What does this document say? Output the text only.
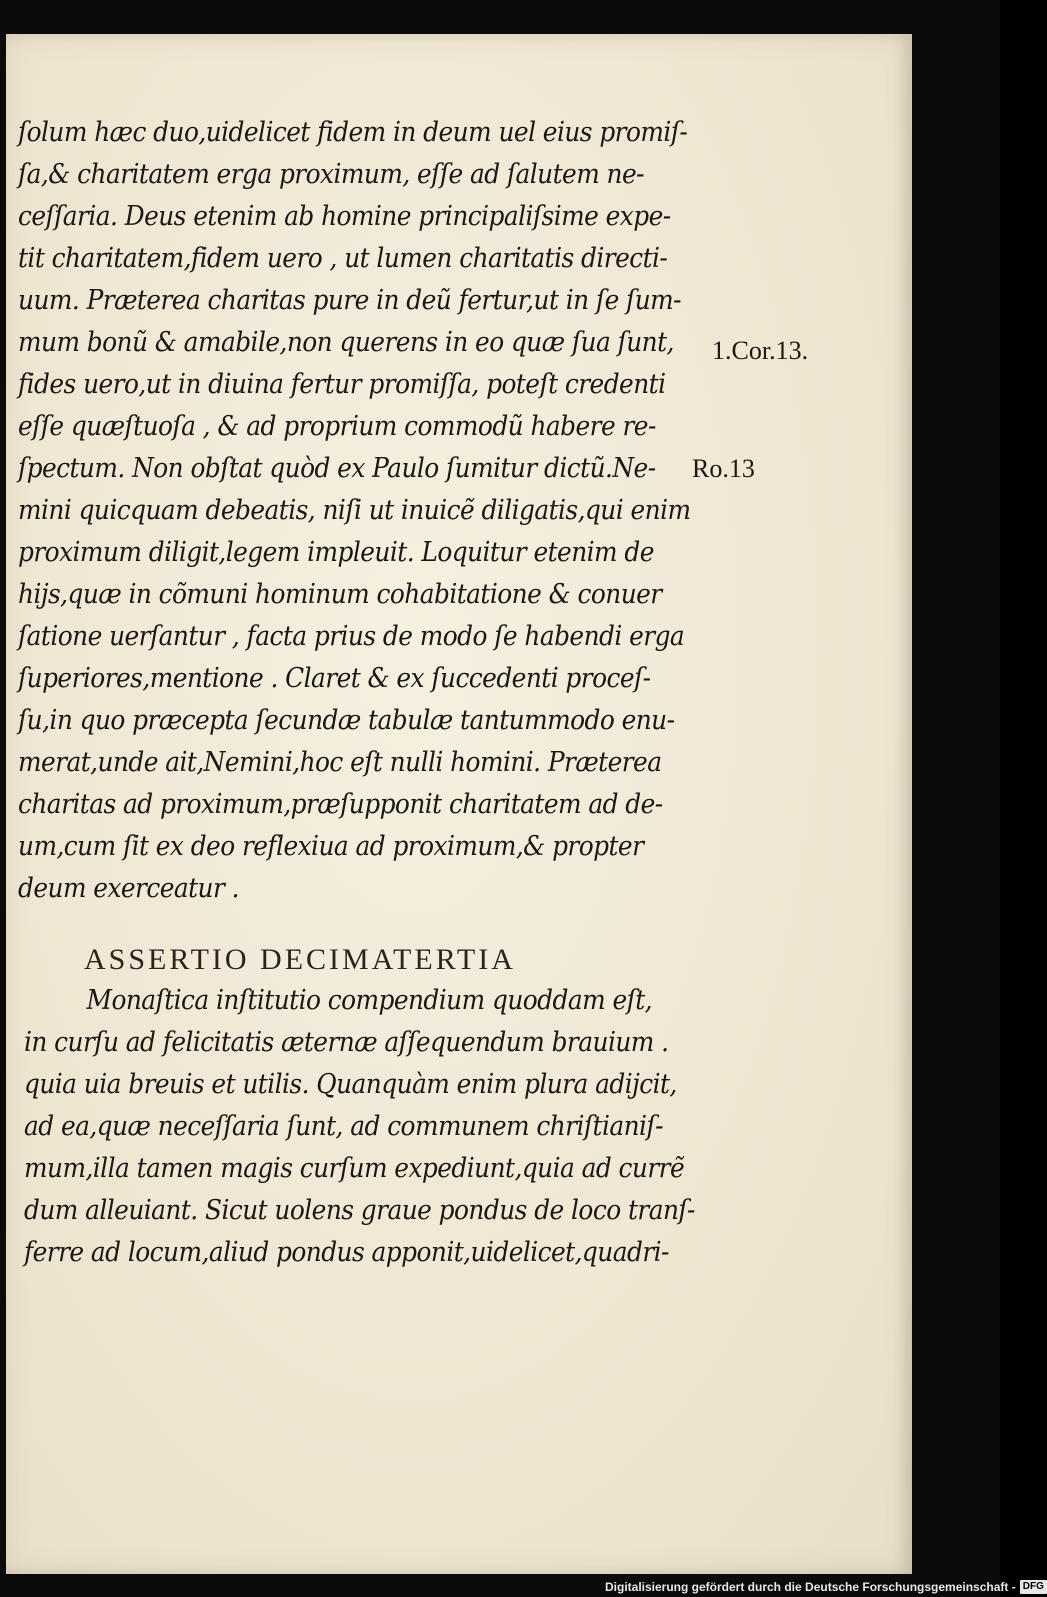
ſolum hæc duo,uidelicet fidem in deum uel eius promiſ-
ſa,& charitatem erga proximum, eſſe ad ſalutem ne-
ceſſaria. Deus etenim ab homine principaliſsime expe-
tit charitatem,fidem uero , ut lumen charitatis directi-
uum. Præterea charitas pure in deũ fertur,ut in ſe ſum-
mum bonũ & amabile,non querens in eo quæ ſua ſunt,
fides uero,ut in diuina fertur promiſſa, poteſt credenti
eſſe quæſtuoſa , & ad proprium commodũ habere re-
ſpectum. Non obſtat quòd ex Paulo ſumitur dictũ.Ne-
mini quicquam debeatis, niſi ut inuicẽ diligatis,qui enim
proximum diligit,legem impleuit. Loquitur etenim de
hijs,quæ in cõmuni hominum cohabitatione & conuer
ſatione uerſantur , facta prius de modo ſe habendi erga
ſuperiores,mentione . Claret & ex ſuccedenti proceſ-
ſu,in quo præcepta ſecundæ tabulæ tantummodo enu-
merat,unde ait,Nemini,hoc eſt nulli homini. Præterea
charitas ad proximum,præſupponit charitatem ad de-
um,cum ſit ex deo reflexiua ad proximum,& propter
deum exerceatur .
1.Cor.13.
Ro.13
ASSERTIO DECIMATERTIA
Monaſtica inſtitutio compendium quoddam eſt,
in curſu ad felicitatis æternæ aſſequendum brauium .
quia uia breuis et utilis. Quanquàm enim plura adijcit,
ad ea,quæ neceſſaria ſunt, ad communem chriſtianiſ-
mum,illa tamen magis curſum expediunt,quia ad currẽ
dum alleuiant. Sicut uolens graue pondus de loco tranſ-
ferre ad locum,aliud pondus apponit,uidelicet,quadri-
Digitalisierung gefördert durch die Deutsche Forschungsgemeinschaft - DFG
